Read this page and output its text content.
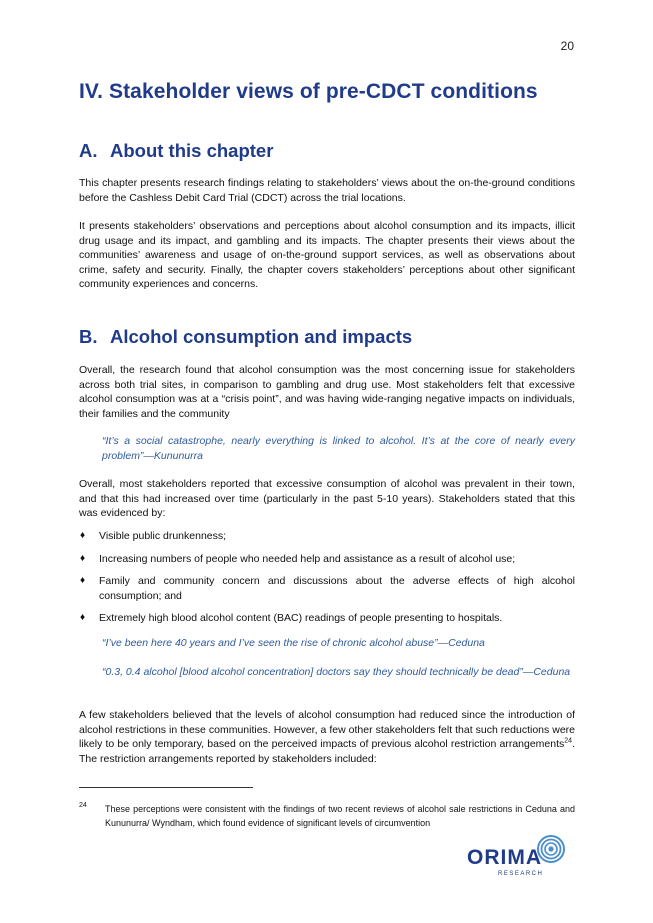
20
IV. Stakeholder views of pre-CDCT conditions
A. About this chapter

This chapter presents research findings relating to stakeholders’ views about the on-the-ground conditions before the Cashless Debit Card Trial (CDCT) across the trial locations.

It presents stakeholders’ observations and perceptions about alcohol consumption and its impacts, illicit drug usage and its impact, and gambling and its impacts. The chapter presents their views about the communities’ awareness and usage of on-the-ground support services, as well as observations about crime, safety and security. Finally, the chapter covers stakeholders’ perceptions about other significant community experiences and concerns.

B. Alcohol consumption and impacts

Overall, the research found that alcohol consumption was the most concerning issue for stakeholders across both trial sites, in comparison to gambling and drug use. Most stakeholders felt that excessive alcohol consumption was at a “crisis point”, and was having wide-ranging negative impacts on individuals, their families and the community

“It’s a social catastrophe, nearly everything is linked to alcohol. It’s at the core of nearly every problem”—Kununurra

Overall, most stakeholders reported that excessive consumption of alcohol was prevalent in their town, and that this had increased over time (particularly in the past 5-10 years). Stakeholders stated that this was evidenced by:

♦ Visible public drunkenness;
♦ Increasing numbers of people who needed help and assistance as a result of alcohol use;
♦ Family and community concern and discussions about the adverse effects of high alcohol consumption; and
♦ Extremely high blood alcohol content (BAC) readings of people presenting to hospitals.

“I’ve been here 40 years and I’ve seen the rise of chronic alcohol abuse”—Ceduna

“0.3, 0.4 alcohol [blood alcohol concentration] doctors say they should technically be dead”—Ceduna

A few stakeholders believed that the levels of alcohol consumption had reduced since the introduction of alcohol restrictions in these communities. However, a few other stakeholders felt that such reductions were likely to be only temporary, based on the perceived impacts of previous alcohol restriction arrangements$^{24}$. The restriction arrangements reported by stakeholders included:

24 These perceptions were consistent with the findings of two recent reviews of alcohol sale restrictions in Ceduna and Kununurra/ Wyndham, which found evidence of significant levels of circumvention
ORIMA
RESEARCH
